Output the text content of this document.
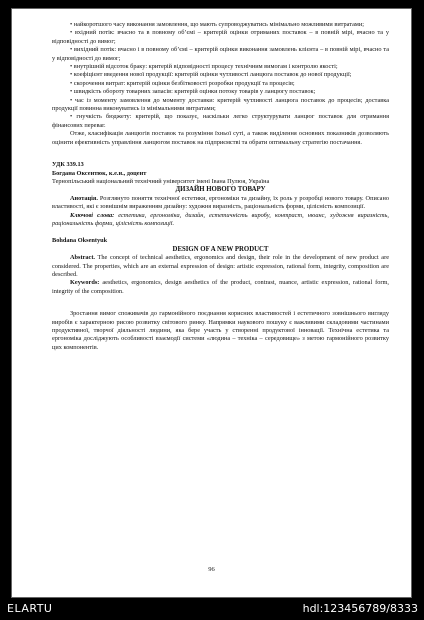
• найкоротшого часу виконання замовлення, що мають супроводжуватись мінімально можливими витратами;

• вхідний потік: вчасно та в повному об’ємі – критерій оцінки отриманих поставок – в повній мірі, вчасно та у відповідності до вимог;

• вихідний потік: вчасно і в повному об’ємі – критерій оцінки виконання замовлень клієнта – в повній мірі, вчасно та у відповідності до вимог;

• внутрішній відсоток браку: критерій відповідності процесу технічним вимогам і контролю якості;

• коефіцієнт введення нової продукції: критерій оцінки чутливості ланцюга поставок до нової продукції;

• скорочення витрат: критерій оцінки безбітковості розробки продукції та процесів;

• швидкість обороту товарних запасів: критерій оцінки потоку товарів у ланцюгу поставок;

• час із моменту замовлення до моменту доставки: критерій чутливості ланцюга поставок до процесів; доставка продукції повинна виконуватись із мінімальними витратами;

• гнучкість бюджету: критерій, що показує, наскільки легко структурувати ланцюг поставок для отримання фінансових переваг.

Отже, класифікація ланцюгів поставок та розуміння їхньої суті, а також виділення основних показників дозволяють оцінити ефективність управління ланцюгом поставок на підприємстві та обрати оптимальну стратегію постачання.

УДК 339.13

Богдана Оксентюк, к.е.н., доцент

Тернопільський національний технічний університет імені Івана Пулюя, Україна

ДИЗАЙН НОВОГО ТОВАРУ

Анотація. Розглянуто поняття технічної естетики, ергономіки та дизайну, їх роль у розробці нового товару. Описано властивості, які є зовнішнім вираженням дизайну: художня виразність, раціональність форми, цілісність композиції.

Ключові слова: естетика, ергономіка, дизайн, естетичність виробу, контраст, нюанс, художня виразність, раціональність форми, цілісність композиції.

Bohdana Oksentyuk

DESIGN OF A NEW PRODUCT

Abstract. The concept of technical aesthetics, ergonomics and design, their role in the development of new product are considered. The properties, which are an external expression of design: artistic expression, rational form, integrity, composition are described.

Keywords: aesthetics, ergonomics, design aesthetics of the product, contrast, nuance, artistic expression, rational form, integrity of the composition.

Зростання вимог споживачів до гармонійного поєднання корисних властивостей і естетичного зовнішнього вигляду виробів є характерною рисою розвитку світового ринку. Напрямки наукового пошуку є важливими складовими частинами продуктивної, творчої діяльності людини, яка бере участь у створенні продуктової інновації. Технічна естетика та ергономіка досліджують особливості взаємодії системи «людина – техніка – середовище» з метою гармонійного розвитку цих компонентів.

96
ELARTU	hdl:123456789/8333
